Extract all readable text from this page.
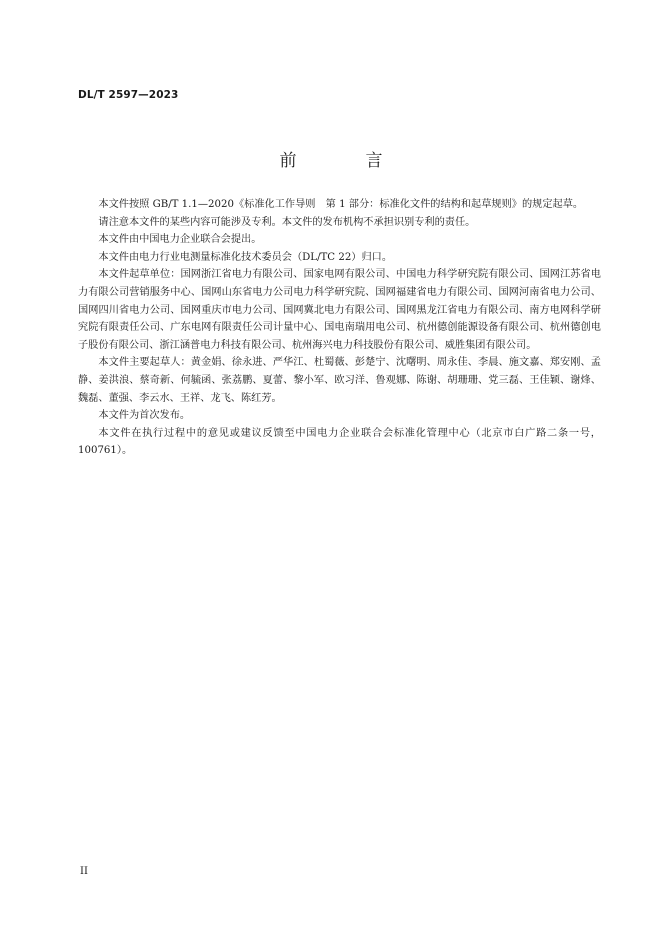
DL/T 2597—2023
前　言

本文件按照 GB/T 1.1—2020《标准化工作导则　第 1 部分：标准化文件的结构和起草规则》的规定起草。

请注意本文件的某些内容可能涉及专利。本文件的发布机构不承担识别专利的责任。

本文件由中国电力企业联合会提出。

本文件由电力行业电测量标准化技术委员会（DL/TC 22）归口。

本文件起草单位：国网浙江省电力有限公司、国家电网有限公司、中国电力科学研究院有限公司、国网江苏省电力有限公司营销服务中心、国网山东省电力公司电力科学研究院、国网福建省电力有限公司、国网河南省电力公司、国网四川省电力公司、国网重庆市电力公司、国网冀北电力有限公司、国网黑龙江省电力有限公司、南方电网科学研究院有限责任公司、广东电网有限责任公司计量中心、国电南瑞用电公司、杭州德创能源设备有限公司、杭州德创电子股份有限公司、浙江涵普电力科技有限公司、杭州海兴电力科技股份有限公司、威胜集团有限公司。

本文件主要起草人：黄金娟、徐永进、严华江、杜蜀薇、彭楚宁、沈曙明、周永佳、李晨、施文嘉、郑安刚、孟静、姜洪浪、蔡奇新、何毓函、张荔鹏、夏蕾、黎小军、欧习洋、鲁观娜、陈谢、胡珊珊、党三磊、王佳颖、谢烽、魏磊、董强、李云水、王祥、龙飞、陈红芳。

本文件为首次发布。

本文件在执行过程中的意见或建议反馈至中国电力企业联合会标准化管理中心（北京市白广路二条一号，100761）。

II
